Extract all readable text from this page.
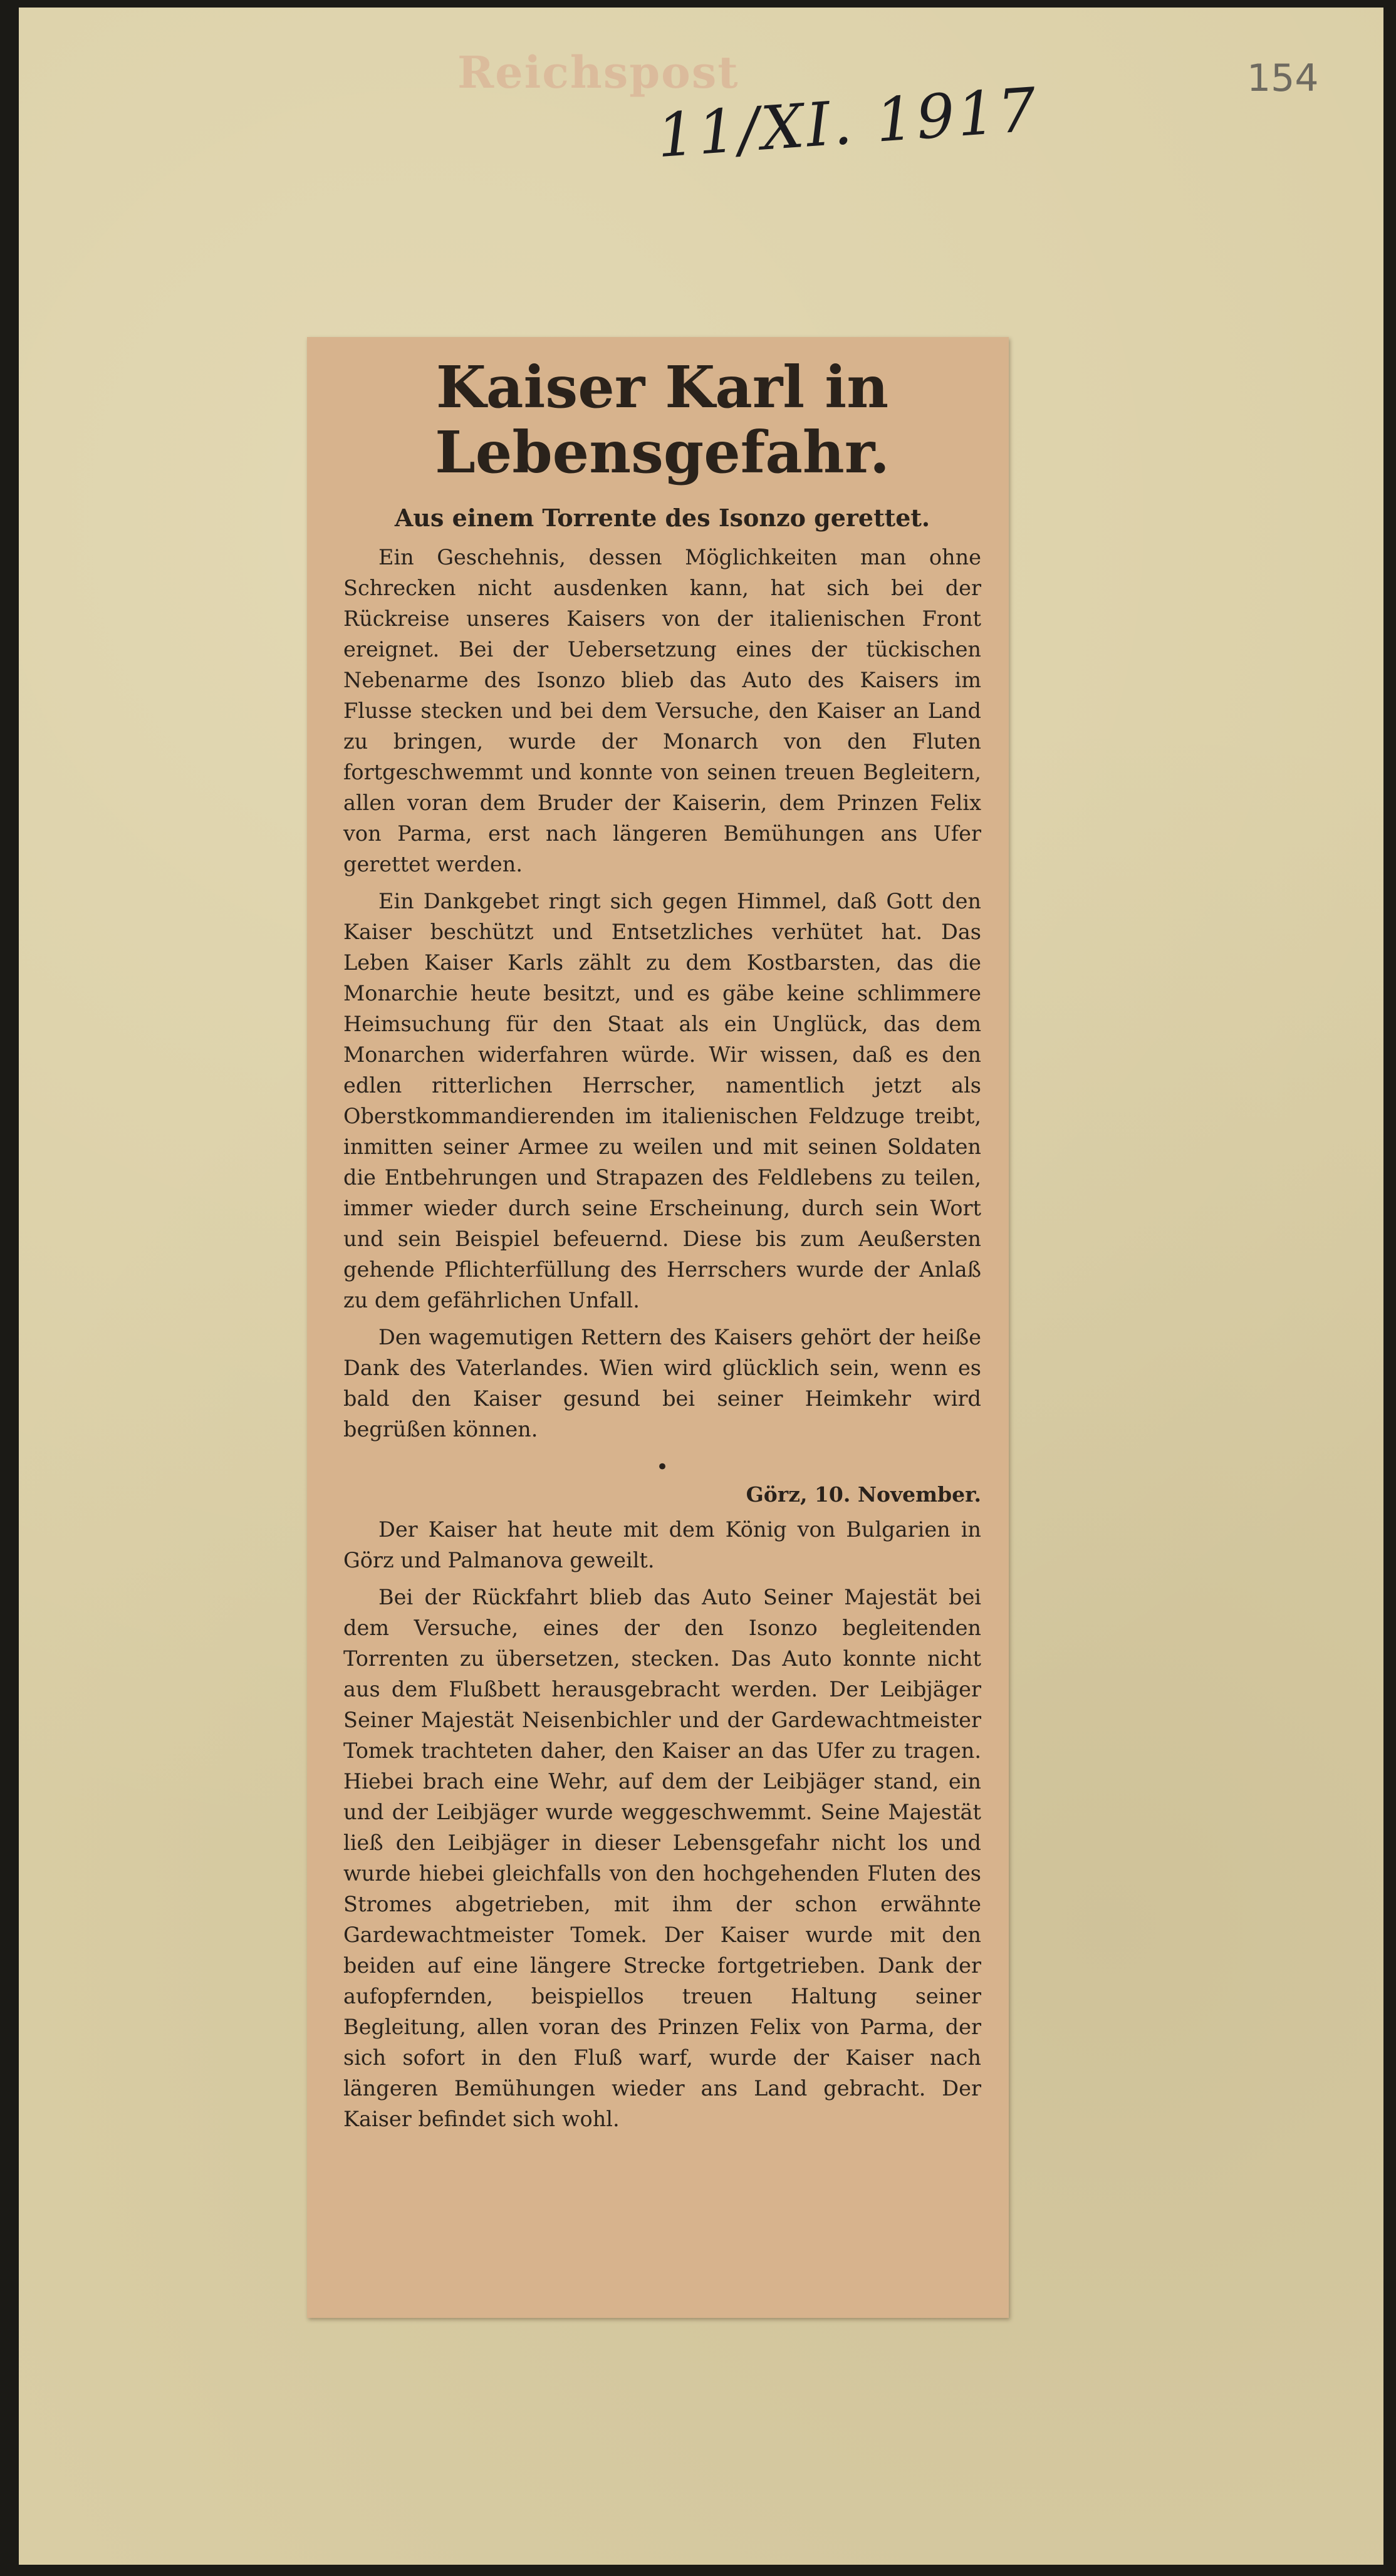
Reichspost
11/XI. 1917	154
Kaiser Karl in Lebensgefahr.
Aus einem Torrente des Isonzo gerettet.

Ein Geschehnis, dessen Möglichkeiten man ohne Schrecken nicht ausdenken kann, hat sich bei der Rückreise unseres Kaisers von der italienischen Front ereignet. Bei der Uebersetzung eines der tückischen Nebenarme des Isonzo blieb das Auto des Kaisers im Flusse stecken und bei dem Versuche, den Kaiser an Land zu bringen, wurde der Monarch von den Fluten fortgeschwemmt und konnte von seinen treuen Begleitern, allen voran dem Bruder der Kaiserin, dem Prinzen Felix von Parma, erst nach längeren Bemühungen ans Ufer gerettet werden.

Ein Dankgebet ringt sich gegen Himmel, daß Gott den Kaiser beschützt und Entsetzliches verhütet hat. Das Leben Kaiser Karls zählt zu dem Kostbarsten, das die Monarchie heute besitzt, und es gäbe keine schlimmere Heimsuchung für den Staat als ein Unglück, das dem Monarchen widerfahren würde. Wir wissen, daß es den edlen ritterlichen Herrscher, namentlich jetzt als Oberstkommandierenden im italienischen Feldzuge treibt, inmitten seiner Armee zu weilen und mit seinen Soldaten die Entbehrungen und Strapazen des Feldlebens zu teilen, immer wieder durch seine Erscheinung, durch sein Wort und sein Beispiel befeuernd. Diese bis zum Aeußersten gehende Pflichterfüllung des Herrschers wurde der Anlaß zu dem gefährlichen Unfall.

Den wagemutigen Rettern des Kaisers gehört der heiße Dank des Vaterlandes. Wien wird glücklich sein, wenn es bald den Kaiser gesund bei seiner Heimkehr wird begrüßen können.

•
Görz, 10. November.

Der Kaiser hat heute mit dem König von Bulgarien in Görz und Palmanova geweilt.

Bei der Rückfahrt blieb das Auto Seiner Majestät bei dem Versuche, eines der den Isonzo begleitenden Torrenten zu übersetzen, stecken. Das Auto konnte nicht aus dem Flußbett herausgebracht werden. Der Leibjäger Seiner Majestät Neisenbichler und der Gardewachtmeister Tomek trachteten daher, den Kaiser an das Ufer zu tragen. Hiebei brach eine Wehr, auf dem der Leibjäger stand, ein und der Leibjäger wurde weggeschwemmt. Seine Majestät ließ den Leibjäger in dieser Lebensgefahr nicht los und wurde hiebei gleichfalls von den hochgehenden Fluten des Stromes abgetrieben, mit ihm der schon erwähnte Gardewachtmeister Tomek. Der Kaiser wurde mit den beiden auf eine längere Strecke fortgetrieben. Dank der aufopfernden, beispiellos treuen Haltung seiner Begleitung, allen voran des Prinzen Felix von Parma, der sich sofort in den Fluß warf, wurde der Kaiser nach längeren Bemühungen wieder ans Land gebracht. Der Kaiser befindet sich wohl.
